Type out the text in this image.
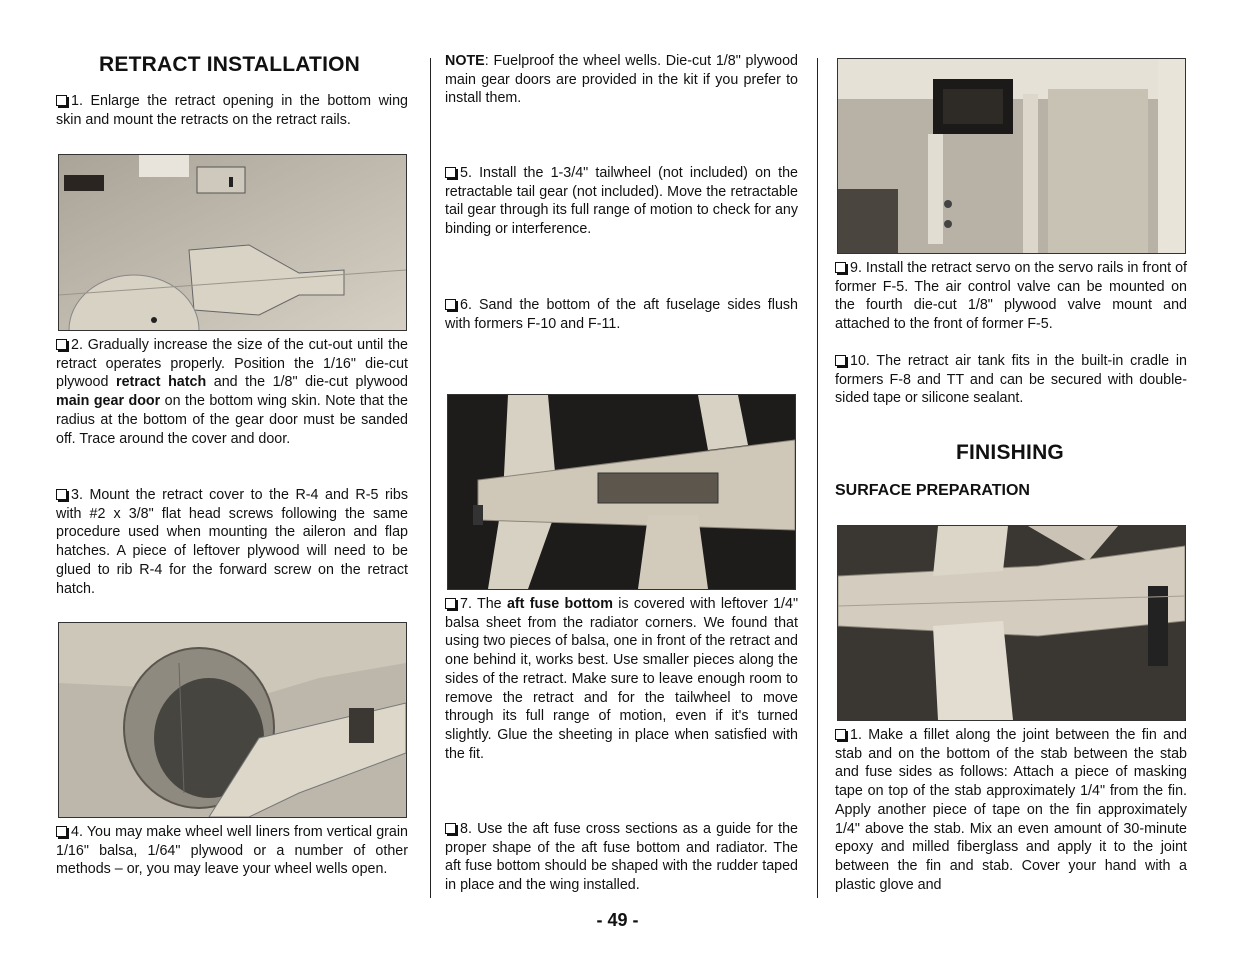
RETRACT INSTALLATION

1. Enlarge the retract opening in the bottom wing skin and mount the retracts on the retract rails.

2. Gradually increase the size of the cut-out until the retract operates properly. Position the 1/16" die-cut plywood retract hatch and the 1/8" die-cut plywood main gear door on the bottom wing skin. Note that the radius at the bottom of the gear door must be sanded off. Trace around the cover and door.

3. Mount the retract cover to the R-4 and R-5 ribs with #2 x 3/8" flat head screws following the same procedure used when mounting the aileron and flap hatches. A piece of leftover plywood will need to be glued to rib R-4 for the forward screw on the retract hatch.

4. You may make wheel well liners from vertical grain 1/16" balsa, 1/64" plywood or a number of other methods – or, you may leave your wheel wells open.

NOTE: Fuelproof the wheel wells. Die-cut 1/8" plywood main gear doors are provided in the kit if you prefer to install them.

5. Install the 1-3/4" tailwheel (not included) on the retractable tail gear (not included). Move the retractable tail gear through its full range of motion to check for any binding or interference.

6. Sand the bottom of the aft fuselage sides flush with formers F-10 and F-11.

7. The aft fuse bottom is covered with leftover 1/4" balsa sheet from the radiator corners. We found that using two pieces of balsa, one in front of the retract and one behind it, works best. Use smaller pieces along the sides of the retract. Make sure to leave enough room to remove the retract and for the tailwheel to move through its full range of motion, even if it's turned slightly. Glue the sheeting in place when satisfied with the fit.

8. Use the aft fuse cross sections as a guide for the proper shape of the aft fuse bottom and radiator. The aft fuse bottom should be shaped with the rudder taped in place and the wing installed.

9. Install the retract servo on the servo rails in front of former F-5. The air control valve can be mounted on the fourth die-cut 1/8" plywood valve mount and attached to the front of former F-5.

10. The retract air tank fits in the built-in cradle in formers F-8 and TT and can be secured with double-sided tape or silicone sealant.

FINISHING
SURFACE PREPARATION

1. Make a fillet along the joint between the fin and stab and on the bottom of the stab between the stab and fuse sides as follows: Attach a piece of masking tape on top of the stab approximately 1/4" from the fin. Apply another piece of tape on the fin approximately 1/4" above the stab. Mix an even amount of 30-minute epoxy and milled fiberglass and apply it to the joint between the fin and stab. Cover your hand with a plastic glove and

- 49 -
